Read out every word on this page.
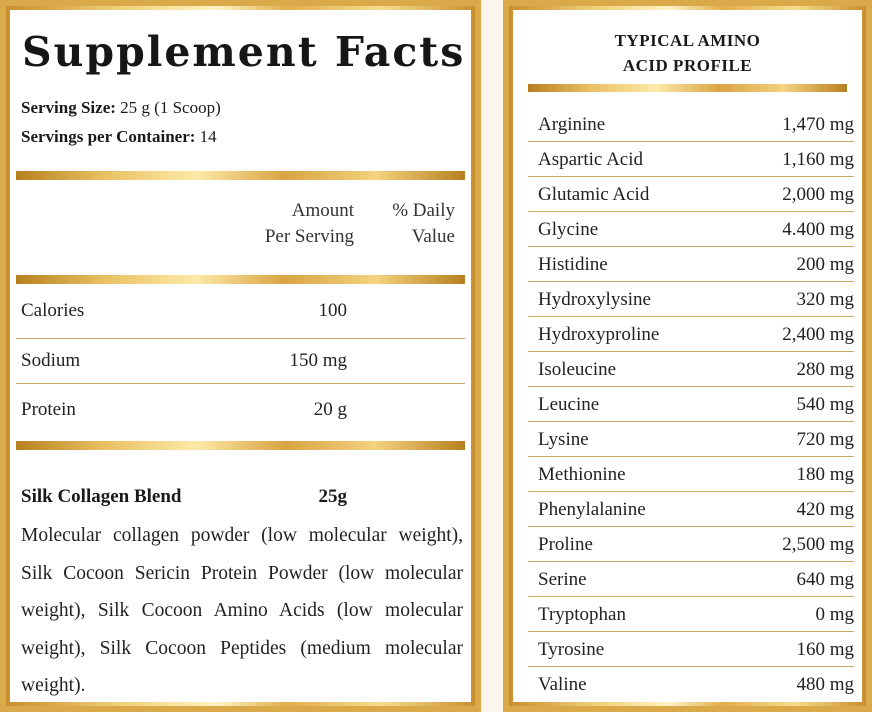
Supplement Facts
Serving Size: 25 g (1 Scoop)
Servings per Container: 14
Amount
Per Serving
% Daily
Value
Calories	100
Sodium	150 mg
Protein	20 g
Silk Collagen Blend	25g
Molecular collagen powder (low molecular weight), Silk Cocoon Sericin Protein Powder (low molecular weight), Silk Cocoon Amino Acids (low molecular weight), Silk Cocoon Peptides (medium molecular weight).
TYPICAL AMINO
ACID PROFILE
Arginine	1,470 mg
Aspartic Acid	1,160 mg
Glutamic Acid	2,000 mg
Glycine	4.400 mg
Histidine	200 mg
Hydroxylysine	320 mg
Hydroxyproline	2,400 mg
Isoleucine	280 mg
Leucine	540 mg
Lysine	720 mg
Methionine	180 mg
Phenylalanine	420 mg
Proline	2,500 mg
Serine	640 mg
Tryptophan	0 mg
Tyrosine	160 mg
Valine	480 mg
